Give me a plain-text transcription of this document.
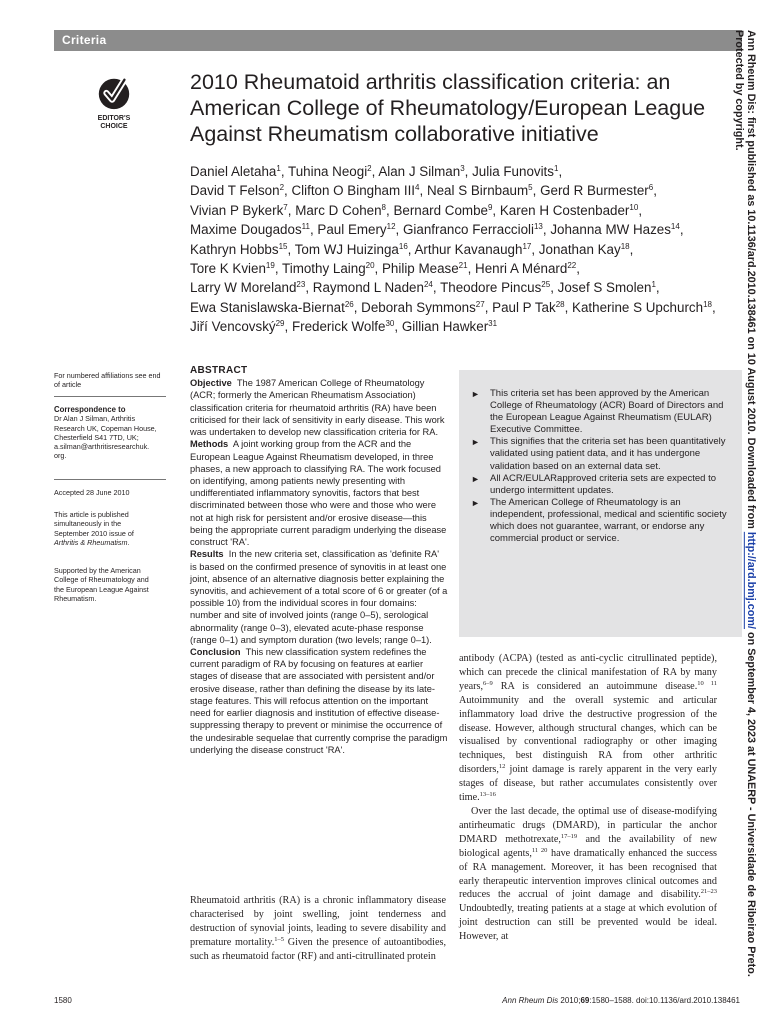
Criteria
EDITOR'S
CHOICE
2010 Rheumatoid arthritis classification criteria: an American College of Rheumatology/European League Against Rheumatism collaborative initiative
Daniel Aletaha$^1$, Tuhina Neogi$^2$, Alan J Silman$^3$, Julia Funovits$^1$,
David T Felson$^2$, Clifton O Bingham III$^4$, Neal S Birnbaum$^5$, Gerd R Burmester$^6$,
Vivian P Bykerk$^7$, Marc D Cohen$^8$, Bernard Combe$^9$, Karen H Costenbader$^{10}$,
Maxime Dougados$^{11}$, Paul Emery$^{12}$, Gianfranco Ferraccioli$^{13}$, Johanna MW Hazes$^{14}$,
Kathryn Hobbs$^{15}$, Tom WJ Huizinga$^{16}$, Arthur Kavanaugh$^{17}$, Jonathan Kay$^{18}$,
Tore K Kvien$^{19}$, Timothy Laing$^{20}$, Philip Mease$^{21}$, Henri A Ménard$^{22}$,
Larry W Moreland$^{23}$, Raymond L Naden$^{24}$, Theodore Pincus$^{25}$, Josef S Smolen$^1$,
Ewa Stanislawska-Biernat$^{26}$, Deborah Symmons$^{27}$, Paul P Tak$^{28}$, Katherine S Upchurch$^{18}$,
Jiří Vencovský$^{29}$, Frederick Wolfe$^{30}$, Gillian Hawker$^{31}$
For numbered affiliations see end of article
Correspondence to
Dr Alan J Silman, Arthritis
Research UK, Copeman House,
Chesterfield S41 7TD, UK;
a.silman@arthritisresearchuk.
org.
Accepted 28 June 2010
This article is published
simultaneously in the
September 2010 issue of
Arthritis & Rheumatism.
Supported by the American
College of Rheumatology and
the European League Against
Rheumatism.
ABSTRACT

Objective The 1987 American College of Rheumatology (ACR; formerly the American Rheumatism Association) classification criteria for rheumatoid arthritis (RA) have been criticised for their lack of sensitivity in early disease. This work was undertaken to develop new classification criteria for RA.

Methods A joint working group from the ACR and the European League Against Rheumatism developed, in three phases, a new approach to classifying RA. The work focused on identifying, among patients newly presenting with undifferentiated inflammatory synovitis, factors that best discriminated between those who were and those who were not at high risk for persistent and/or erosive disease—this being the appropriate current paradigm underlying the disease construct 'RA'.

Results In the new criteria set, classification as 'definite RA' is based on the confirmed presence of synovitis in at least one joint, absence of an alternative diagnosis better explaining the synovitis, and achievement of a total score of 6 or greater (of a possible 10) from the individual scores in four domains: number and site of involved joints (range 0–5), serological abnormality (range 0–3), elevated acute-phase response (range 0–1) and symptom duration (two levels; range 0–1).

Conclusion This new classification system redefines the current paradigm of RA by focusing on features at earlier stages of disease that are associated with persistent and/or erosive disease, rather than defining the disease by its late-stage features. This will refocus attention on the important need for earlier diagnosis and institution of effective disease-suppressing therapy to prevent or minimise the occurrence of the undesirable sequelae that currently comprise the paradigm underlying the disease construct 'RA'.

► This criteria set has been approved by the American College of Rheumatology (ACR) Board of Directors and the European League Against Rheumatism (EULAR) Executive Committee.
► This signifies that the criteria set has been quantitatively validated using patient data, and it has undergone validation based on an external data set.
► All ACR/EULARapproved criteria sets are expected to undergo intermittent updates.
► The American College of Rheumatology is an independent, professional, medical and scientific society which does not guarantee, warrant, or endorse any commercial product or service.

Rheumatoid arthritis (RA) is a chronic inflammatory disease characterised by joint swelling, joint tenderness and destruction of synovial joints, leading to severe disability and premature mortality.$^{1-5}$ Given the presence of autoantibodies, such as rheumatoid factor (RF) and anti-citrullinated protein

antibody (ACPA) (tested as anti-cyclic citrullinated peptide), which can precede the clinical manifestation of RA by many years,$^{6-9}$ RA is considered an autoimmune disease.$^{10 11}$ Autoimmunity and the overall systemic and articular inflammatory load drive the destructive progression of the disease. However, although structural changes, which can be visualised by conventional radiography or other imaging techniques, best distinguish RA from other arthritic disorders,$^{12}$ joint damage is rarely apparent in the very early stages of disease, but rather accumulates consistently over time.$^{13-16}$

Over the last decade, the optimal use of disease-modifying antirheumatic drugs (DMARD), in particular the anchor DMARD methotrexate,$^{17-19}$ and the availability of new biological agents,$^{11 20}$ have dramatically enhanced the success of RA management. Moreover, it has been recognised that early therapeutic intervention improves clinical outcomes and reduces the accrual of joint damage and disability.$^{21-23}$ Undoubtedly, treating patients at a stage at which evolution of joint destruction can still be prevented would be ideal. However, at

Ann Rheum Dis: first published as 10.1136/ard.2010.138461 on 10 August 2010. Downloaded from http://ard.bmj.com/ on September 4, 2023 at UNAERP - Universidade de Ribeirao Preto.
Protected by copyright.
1580	Ann Rheum Dis 2010;69:1580–1588. doi:10.1136/ard.2010.138461
